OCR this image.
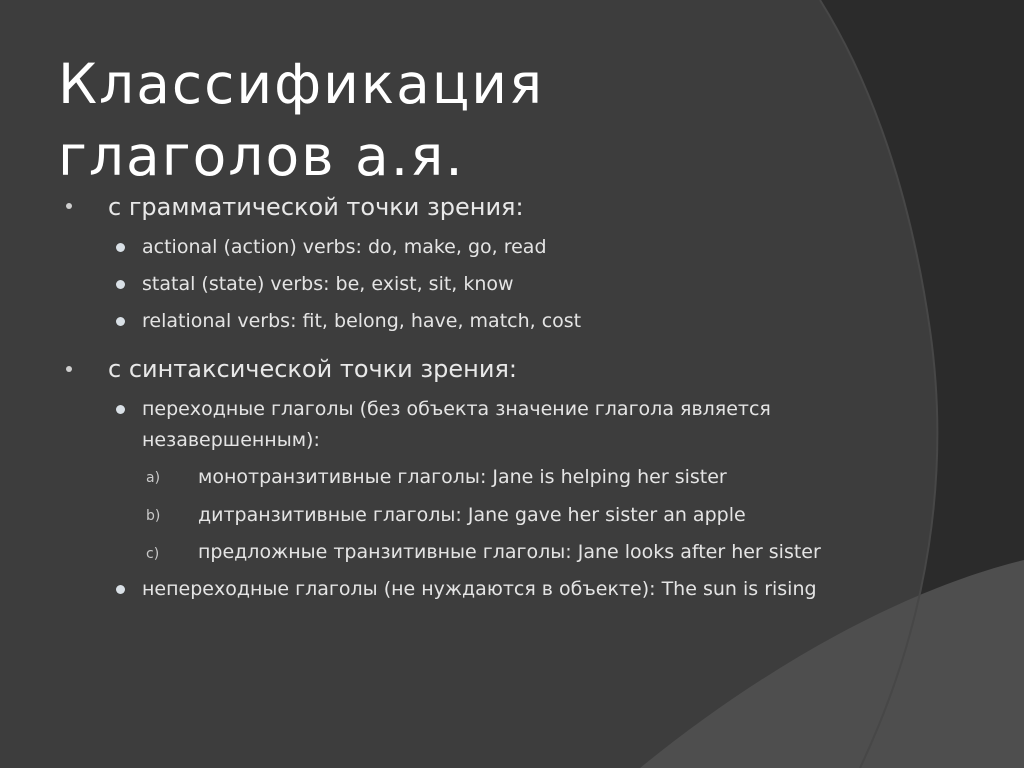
Классификация
глаголов а.я.
с грамматической точки зрения:
actional (action) verbs: do, make, go, read
statal (state) verbs: be, exist, sit, know
relational verbs: fit, belong, have, match, cost
с синтаксической точки зрения:
переходные глаголы (без объекта значение глагола является
незавершенным):
a) монотранзитивные глаголы: Jane is helping her sister
b) дитранзитивные глаголы: Jane gave her sister an apple
c) предложные транзитивные глаголы: Jane looks after her sister
непереходные глаголы (не нуждаются в объекте): The sun is rising
